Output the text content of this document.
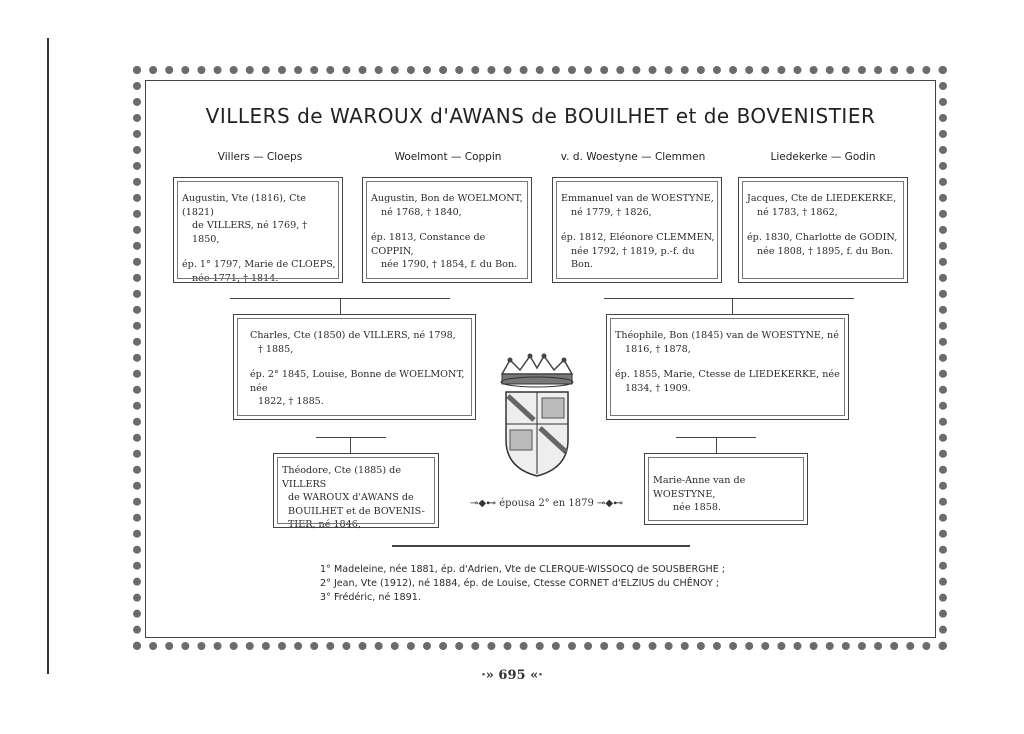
VILLERS de WAROUX d'AWANS de BOUILHET et de BOVENISTIER
Villers — Cloeps	Woelmont — Coppin	v. d. Woestyne — Clemmen	Liedekerke — Godin

Augustin, Vte (1816), Cte (1821)

de VILLERS, né 1769, † 1850,

ép. 1° 1797, Marie de CLOEPS,

née 1771, † 1814.

Augustin, Bon de WOELMONT,

né 1768, † 1840,

ép. 1813, Constance de COPPIN,

née 1790, † 1854, f. du Bon.

Emmanuel van de WOESTYNE,

né 1779, † 1826,

ép. 1812, Eléonore CLEMMEN,

née 1792, † 1819, p.-f. du Bon.

Jacques, Cte de LIEDEKERKE,

né 1783, † 1862,

ép. 1830, Charlotte de GODIN,

née 1808, † 1895, f. du Bon.

Charles, Cte (1850) de VILLERS, né 1798,

† 1885,

ép. 2° 1845, Louise, Bonne de WOELMONT, née

1822, † 1885.

Théophile, Bon (1845) van de WOESTYNE, né

1816, † 1878,

ép. 1855, Marie, Ctesse de LIEDEKERKE, née

1834, † 1909.

Théodore, Cte (1885) de VILLERS

de WAROUX d'AWANS de

BOUILHET et de BOVENIS-

TIER, né 1846,

⊸◆⊷ épousa 2° en 1879 ⊸◆⊷

Marie-Anne van de WOESTYNE,

née 1858.

1° Madeleine, née 1881, ép. d'Adrien, Vte de CLERQUE-WISSOCQ de SOUSBERGHE ;

2° Jean, Vte (1912), né 1884, ép. de Louise, Ctesse CORNET d'ELZIUS du CHÊNOY ;

3° Frédéric, né 1891.

·» 695 «·
